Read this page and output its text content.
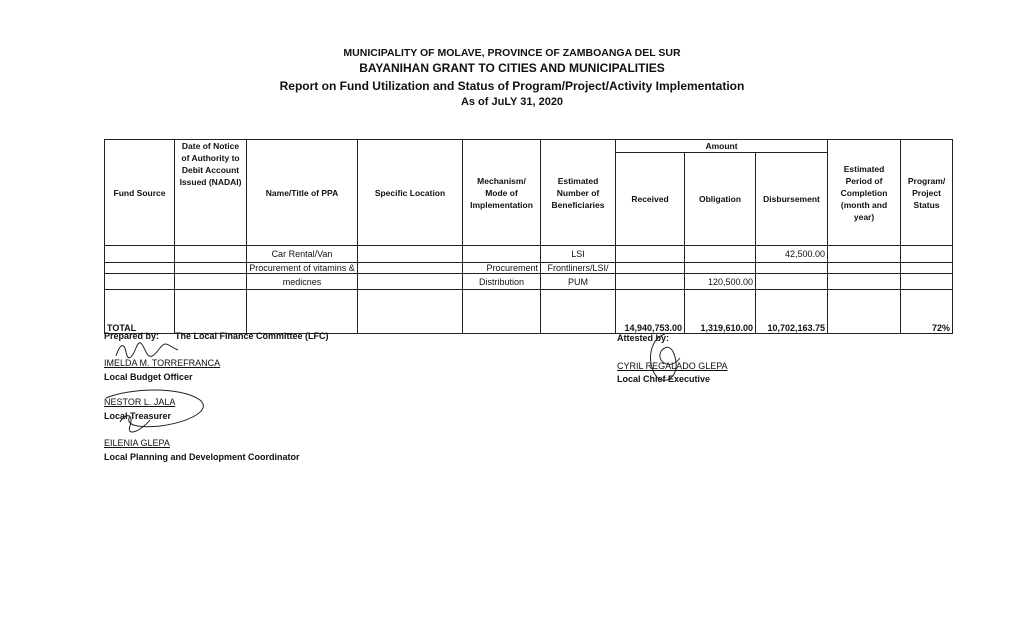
MUNICIPALITY OF MOLAVE, PROVINCE OF ZAMBOANGA DEL SUR
BAYANIHAN GRANT TO CITIES AND MUNICIPALITIES
Report on Fund Utilization and Status of Program/Project/Activity Implementation
As of JuLY 31, 2020
Fund Source	Date of Notice of Authority to Debit Account Issued (NADAI)	Name/Title of PPA	Specific Location	Mechanism/ Mode of Implementation	Estimated Number of Beneficiaries	Amount			Estimated Period of Completion (month and year)	Program/ Project Status
						Received	Obligation	Disbursement		
		Car Rental/Van			LSI			42,500.00		
		Procurement of vitamins &		Procurement	Frontliners/LSI/					
		medicnes		Distribution	PUM		120,500.00			
TOTAL						14,940,753.00	1,319,610.00	10,702,163.75		72%
Prepared by: The Local Finance Committee (LFC)
IMELDA M. TORREFRANCA
Local Budget Officer
NESTOR L. JALA
Local Treasurer
EILENIA GLEPA
Local Planning and Development Coordinator
Attested by:
CYRIL REGALADO GLEPA
Local Chief Executive
